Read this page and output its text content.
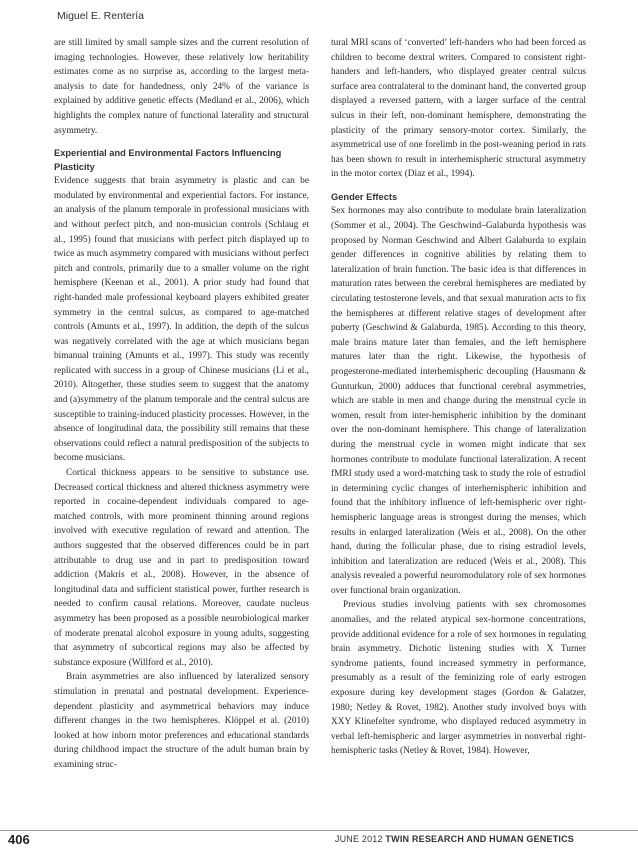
Miguel E. Rentería

are still limited by small sample sizes and the current resolution of imaging technologies. However, these relatively low heritability estimates come as no surprise as, according to the largest meta-analysis to date for handedness, only 24% of the variance is explained by additive genetic effects (Medland et al., 2006), which highlights the complex nature of functional laterality and structural asymmetry.

Experiential and Environmental Factors Influencing Plasticity

Evidence suggests that brain asymmetry is plastic and can be modulated by environmental and experiential factors. For instance, an analysis of the planum temporale in professional musicians with and without perfect pitch, and non-musician controls (Schlaug et al., 1995) found that musicians with perfect pitch displayed up to twice as much asymmetry compared with musicians without perfect pitch and controls, primarily due to a smaller volume on the right hemisphere (Keenan et al., 2001). A prior study had found that right-handed male professional keyboard players exhibited greater symmetry in the central sulcus, as compared to age-matched controls (Amunts et al., 1997). In addition, the depth of the sulcus was negatively correlated with the age at which musicians began bimanual training (Amunts et al., 1997). This study was recently replicated with success in a group of Chinese musicians (Li et al., 2010). Altogether, these studies seem to suggest that the anatomy and (a)symmetry of the planum temporale and the central sulcus are susceptible to training-induced plasticity processes. However, in the absence of longitudinal data, the possibility still remains that these observations could reflect a natural predisposition of the subjects to become musicians.

Cortical thickness appears to be sensitive to substance use. Decreased cortical thickness and altered thickness asymmetry were reported in cocaine-dependent individuals compared to age-matched controls, with more prominent thinning around regions involved with executive regulation of reward and attention. The authors suggested that the observed differences could be in part attributable to drug use and in part to predisposition toward addiction (Makris et al., 2008). However, in the absence of longitudinal data and sufficient statistical power, further research is needed to confirm causal relations. Moreover, caudate nucleus asymmetry has been proposed as a possible neurobiological marker of moderate prenatal alcohol exposure in young adults, suggesting that asymmetry of subcortical regions may also be affected by substance exposure (Willford et al., 2010).

Brain asymmetries are also influenced by lateralized sensory stimulation in prenatal and postnatal development. Experience-dependent plasticity and asymmetrical behaviors may induce different changes in the two hemispheres. Klöppel et al. (2010) looked at how inborn motor preferences and educational standards during childhood impact the structure of the adult human brain by examining struc-

tural MRI scans of ‘converted’ left-handers who had been forced as children to become dextral writers. Compared to consistent right-handers and left-handers, who displayed greater central sulcus surface area contralateral to the dominant hand, the converted group displayed a reversed pattern, with a larger surface of the central sulcus in their left, non-dominant hemisphere, demonstrating the plasticity of the primary sensory-motor cortex. Similarly, the asymmetrical use of one forelimb in the post-weaning period in rats has been shown to result in interhemispheric structural asymmetry in the motor cortex (Diaz et al., 1994).

Gender Effects

Sex hormones may also contribute to modulate brain lateralization (Sommer et al., 2004). The Geschwind–Galaburda hypothesis was proposed by Norman Geschwind and Albert Galaburda to explain gender differences in cognitive abilities by relating them to lateralization of brain function. The basic idea is that differences in maturation rates between the cerebral hemispheres are mediated by circulating testosterone levels, and that sexual maturation acts to fix the hemispheres at different relative stages of development after puberty (Geschwind & Galaburda, 1985). According to this theory, male brains mature later than females, and the left hemisphere matures later than the right. Likewise, the hypothesis of progesterone-mediated interhemispheric decoupling (Hausmann & Gunturkun, 2000) adduces that functional cerebral asymmetries, which are stable in men and change during the menstrual cycle in women, result from inter-hemispheric inhibition by the dominant over the non-dominant hemisphere. This change of lateralization during the menstrual cycle in women might indicate that sex hormones contribute to modulate functional lateralization. A recent fMRI study used a word-matching task to study the role of estradiol in determining cyclic changes of interhemispheric inhibition and found that the inhibitory influence of left-hemispheric over right-hemispheric language areas is strongest during the menses, which results in enlarged lateralization (Weis et al., 2008). On the other hand, during the follicular phase, due to rising estradiol levels, inhibition and lateralization are reduced (Weis et al., 2008). This analysis revealed a powerful neuromodulatory role of sex hormones over functional brain organization.

Previous studies involving patients with sex chromosomes anomalies, and the related atypical sex-hormone concentrations, provide additional evidence for a role of sex hormones in regulating brain asymmetry. Dichotic listening studies with X Turner syndrome patients, found increased symmetry in performance, presumably as a result of the feminizing role of early estrogen exposure during key development stages (Gordon & Galatzer, 1980; Netley & Rovet, 1982). Another study involved boys with XXY Klinefelter syndrome, who displayed reduced asymmetry in verbal left-hemispheric and larger asymmetries in nonverbal right-hemispheric tasks (Netley & Rovet, 1984). However,

406	JUNE 2012 TWIN RESEARCH AND HUMAN GENETICS
